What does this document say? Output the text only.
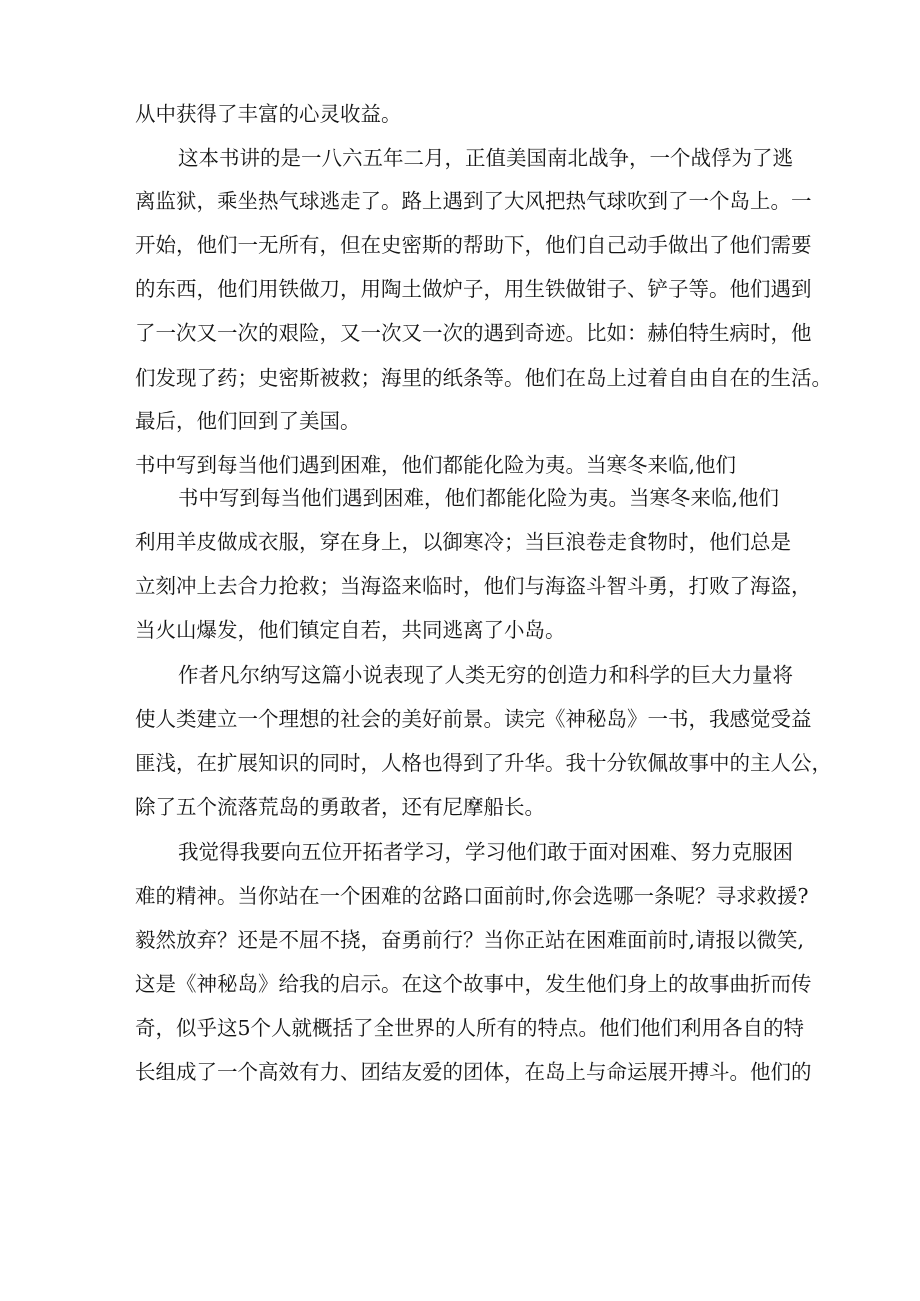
从中获得了丰富的心灵收益。
这本书讲的是一八六五年二月，正值美国南北战争，一个战俘为了逃
离监狱，乘坐热气球逃走了。路上遇到了大风把热气球吹到了一个岛上。一
开始，他们一无所有，但在史密斯的帮助下，他们自己动手做出了他们需要
的东西，他们用铁做刀，用陶土做炉子，用生铁做钳子、铲子等。他们遇到
了一次又一次的艰险，又一次又一次的遇到奇迹。比如：赫伯特生病时，他
们发现了药；史密斯被救；海里的纸条等。他们在岛上过着自由自在的生活。
最后，他们回到了美国。
书中写到每当他们遇到困难，他们都能化险为夷。当寒冬来临,他们
书中写到每当他们遇到困难，他们都能化险为夷。当寒冬来临,他们
利用羊皮做成衣服，穿在身上，以御寒冷；当巨浪卷走食物时，他们总是
立刻冲上去合力抢救；当海盗来临时，他们与海盗斗智斗勇，打败了海盗，
当火山爆发，他们镇定自若，共同逃离了小岛。
作者凡尔纳写这篇小说表现了人类无穷的创造力和科学的巨大力量将
使人类建立一个理想的社会的美好前景。读完《神秘岛》一书，我感觉受益
匪浅，在扩展知识的同时，人格也得到了升华。我十分钦佩故事中的主人公，
除了五个流落荒岛的勇敢者，还有尼摩船长。
我觉得我要向五位开拓者学习，学习他们敢于面对困难、努力克服困
难的精神。当你站在一个困难的岔路口面前时,你会选哪一条呢？寻求救援?
毅然放弃？还是不屈不挠，奋勇前行？当你正站在困难面前时,请报以微笑,
这是《神秘岛》给我的启示。在这个故事中，发生他们身上的故事曲折而传
奇，似乎这5个人就概括了全世界的人所有的特点。他们他们利用各自的特
长组成了一个高效有力、团结友爱的团体，在岛上与命运展开搏斗。他们的
